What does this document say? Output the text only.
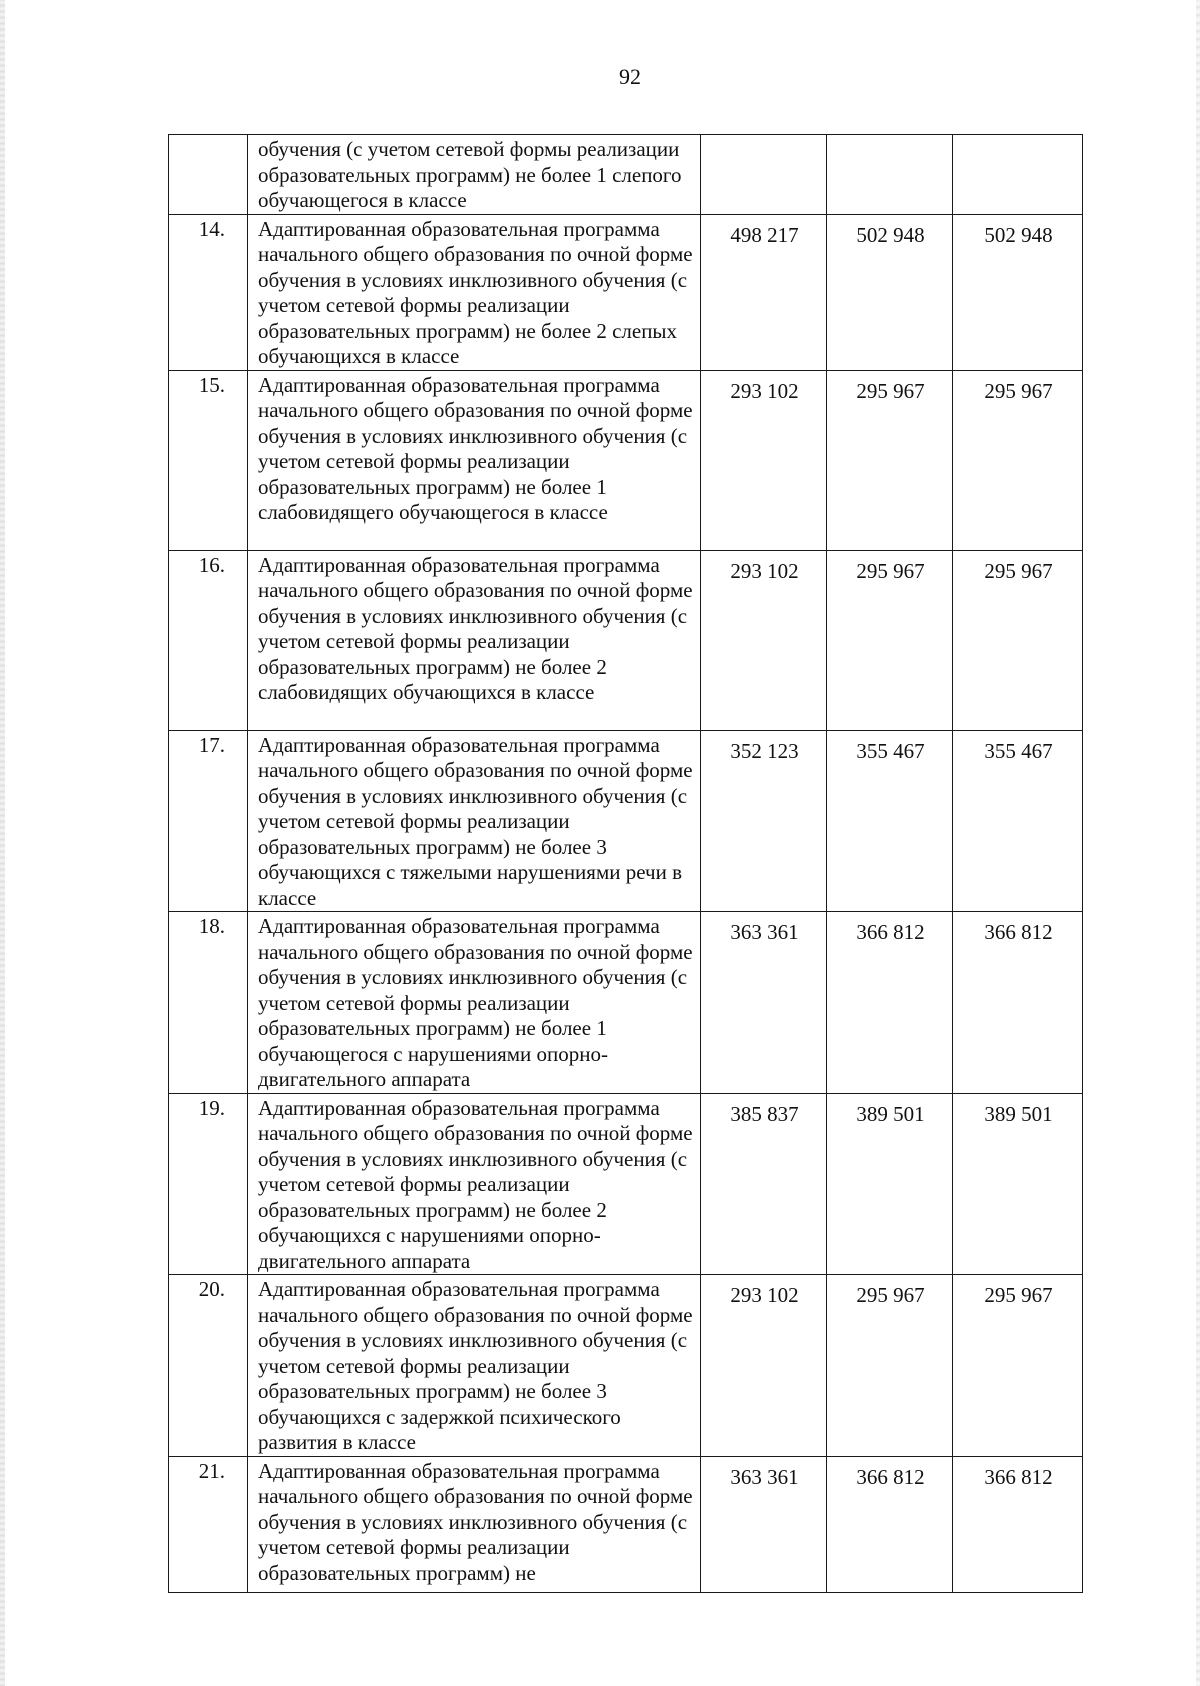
92
	обучения (с учетом сетевой формы реализации образовательных программ) не более 1 слепого обучающегося в классе			
14.	Адаптированная образовательная программа начального общего образования по очной форме обучения в условиях инклюзивного обучения (с учетом сетевой формы реализации образовательных программ) не более 2 слепых обучающихся в классе	498 217	502 948	502 948
15.	Адаптированная образовательная программа начального общего образования по очной форме обучения в условиях инклюзивного обучения (с учетом сетевой формы реализации образовательных программ) не более 1 слабовидящего обучающегося в классе	293 102	295 967	295 967
16.	Адаптированная образовательная программа начального общего образования по очной форме обучения в условиях инклюзивного обучения (с учетом сетевой формы реализации образовательных программ) не более 2 слабовидящих обучающихся в классе	293 102	295 967	295 967
17.	Адаптированная образовательная программа начального общего образования по очной форме обучения в условиях инклюзивного обучения (с учетом сетевой формы реализации образовательных программ) не более 3 обучающихся с тяжелыми нарушениями речи в классе	352 123	355 467	355 467
18.	Адаптированная образовательная программа начального общего образования по очной форме обучения в условиях инклюзивного обучения (с учетом сетевой формы реализации образовательных программ) не более 1 обучающегося с нарушениями опорно-двигательного аппарата	363 361	366 812	366 812
19.	Адаптированная образовательная программа начального общего образования по очной форме обучения в условиях инклюзивного обучения (с учетом сетевой формы реализации образовательных программ) не более 2 обучающихся с нарушениями опорно-двигательного аппарата	385 837	389 501	389 501
20.	Адаптированная образовательная программа начального общего образования по очной форме обучения в условиях инклюзивного обучения (с учетом сетевой формы реализации образовательных программ) не более 3 обучающихся с задержкой психического развития в классе	293 102	295 967	295 967
21.	Адаптированная образовательная программа начального общего образования по очной форме обучения в условиях инклюзивного обучения (с учетом сетевой формы реализации образовательных программ) не	363 361	366 812	366 812
